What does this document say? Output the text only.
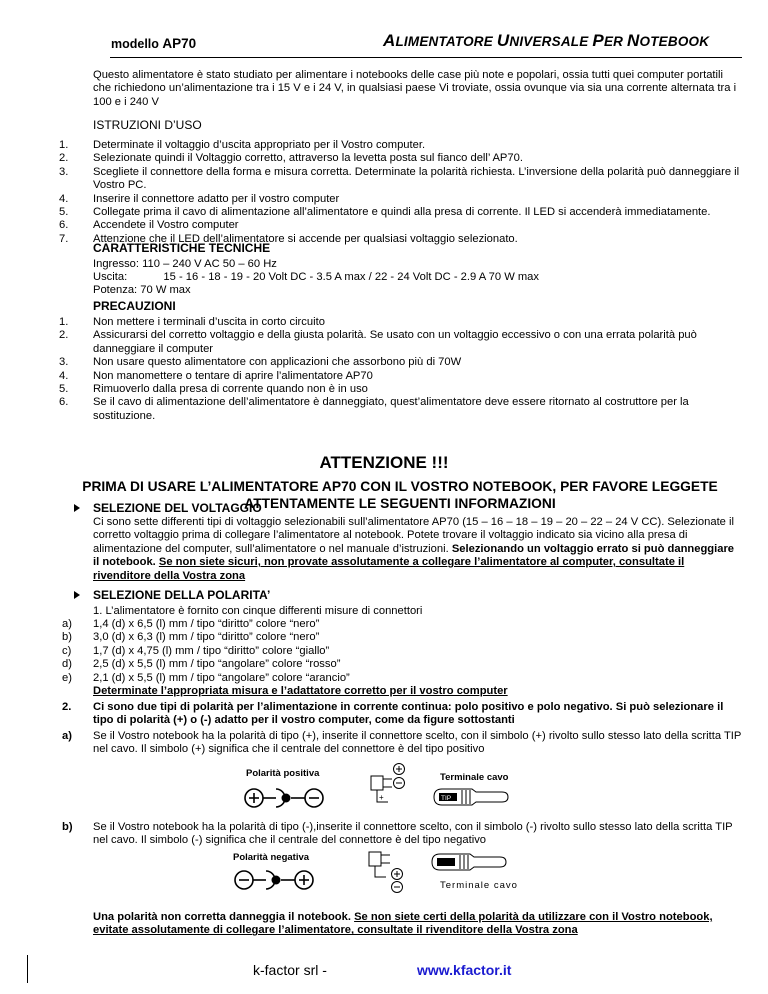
modello AP70	ALIMENTATORE UNIVERSALE PER NOTEBOOK
Questo alimentatore è stato studiato per alimentare i notebooks delle case più note e popolari, ossia tutti quei computer portatili che richiedono un’alimentazione tra i 15 V e i 24 V, in qualsiasi paese Vi troviate, ossia ovunque via sia una corrente alternata tra i 100 e i 240 V
ISTRUZIONI D’USO
1. Determinate il voltaggio d’uscita appropriato per il Vostro computer.
2. Selezionate quindi il Voltaggio corretto, attraverso la levetta posta sul fianco dell’ AP70.
3. Scegliete il connettore della forma e misura corretta. Determinate la polarità richiesta. L’inversione della polarità può danneggiare il Vostro PC.
4. Inserire il connettore adatto per il vostro computer
5. Collegate prima il cavo di alimentazione all’alimentatore e quindi alla presa di corrente. Il LED si accenderà immediatamente.
6. Accendete il Vostro computer
7. Attenzione che il LED dell’alimentatore si accende per qualsiasi voltaggio selezionato.
CARATTERISTICHE TECNICHE
Ingresso: 110 – 240 V AC 50 – 60 Hz
Uscita:	15 - 16 - 18 - 19 - 20 Volt DC - 3.5 A max / 22 - 24 Volt DC - 2.9 A 70 W max
Potenza: 70 W max
PRECAUZIONI
1. Non mettere i terminali d’uscita in corto circuito
2. Assicurarsi del corretto voltaggio e della giusta polarità. Se usato con un voltaggio eccessivo o con una errata polarità può danneggiare il computer
3. Non usare questo alimentatore con applicazioni che assorbono più di 70W
4. Non manomettere o tentare di aprire l’alimentatore AP70
5. Rimuoverlo dalla presa di corrente quando non è in uso
6. Se il cavo di alimentazione dell’alimentatore è danneggiato, quest’alimentatore deve essere ritornato al costruttore per la sostituzione.
ATTENZIONE !!!
PRIMA DI USARE L’ALIMENTATORE AP70 CON IL VOSTRO NOTEBOOK, PER FAVORE LEGGETE ATTENTAMENTE LE SEGUENTI INFORMAZIONI
SELEZIONE DEL VOLTAGGIO
Ci sono sette differenti tipi di voltaggio selezionabili sull’alimentatore AP70 (15 – 16 – 18 – 19 – 20 – 22 – 24 V CC). Selezionate il corretto voltaggio prima di collegare l’alimentatore al notebook. Potete trovare il voltaggio indicato sia vicino alla presa di alimentazione del computer, sull’alimentatore o nel manuale d’istruzioni. Selezionando un voltaggio errato si può danneggiare il notebook. Se non siete sicuri, non provate assolutamente a collegare l’alimentatore al computer, consultate il rivenditore della Vostra zona
SELEZIONE DELLA POLARITA’
1. L’alimentatore è fornito con cinque differenti misure di connettori
a) 1,4 (d) x 6,5 (l) mm / tipo “diritto” colore “nero”
b) 3,0 (d) x 6,3 (l) mm / tipo “diritto” colore “nero”
c) 1,7 (d) x 4,75 (l) mm / tipo “diritto” colore “giallo”
d) 2,5 (d) x 5,5 (l) mm / tipo “angolare” colore “rosso”
e) 2,1 (d) x 5,5 (l) mm / tipo “angolare” colore “arancio”
Determinate l’appropriata misura e l’adattatore corretto per il vostro computer
2. Ci sono due tipi di polarità per l’alimentazione in corrente continua: polo positivo e polo negativo. Si può selezionare il tipo di polarità (+) o (-) adatto per il vostro computer, come da figure sottostanti
a) Se il Vostro notebook ha la polarità di tipo (+), inserite il connettore scelto, con il simbolo (+) rivolto sullo stesso lato della scritta TIP nel cavo. Il simbolo (+) significa che il centrale del connettore è del tipo positivo
Polarità positiva
+
Terminale cavo
TIP
b) Se il Vostro notebook ha la polarità di tipo (-),inserite il connettore scelto, con il simbolo (-) rivolto sullo stesso lato della scritta TIP nel cavo. Il simbolo (-) significa che il centrale del connettore è del tipo negativo
Polarità negativa
Terminale cavo
Una polarità non corretta danneggia il notebook. Se non siete certi della polarità da utilizzare con il Vostro notebook, evitate assolutamente di collegare l’alimentatore, consultate il rivenditore della Vostra zona
k-factor srl -	www.kfactor.it
